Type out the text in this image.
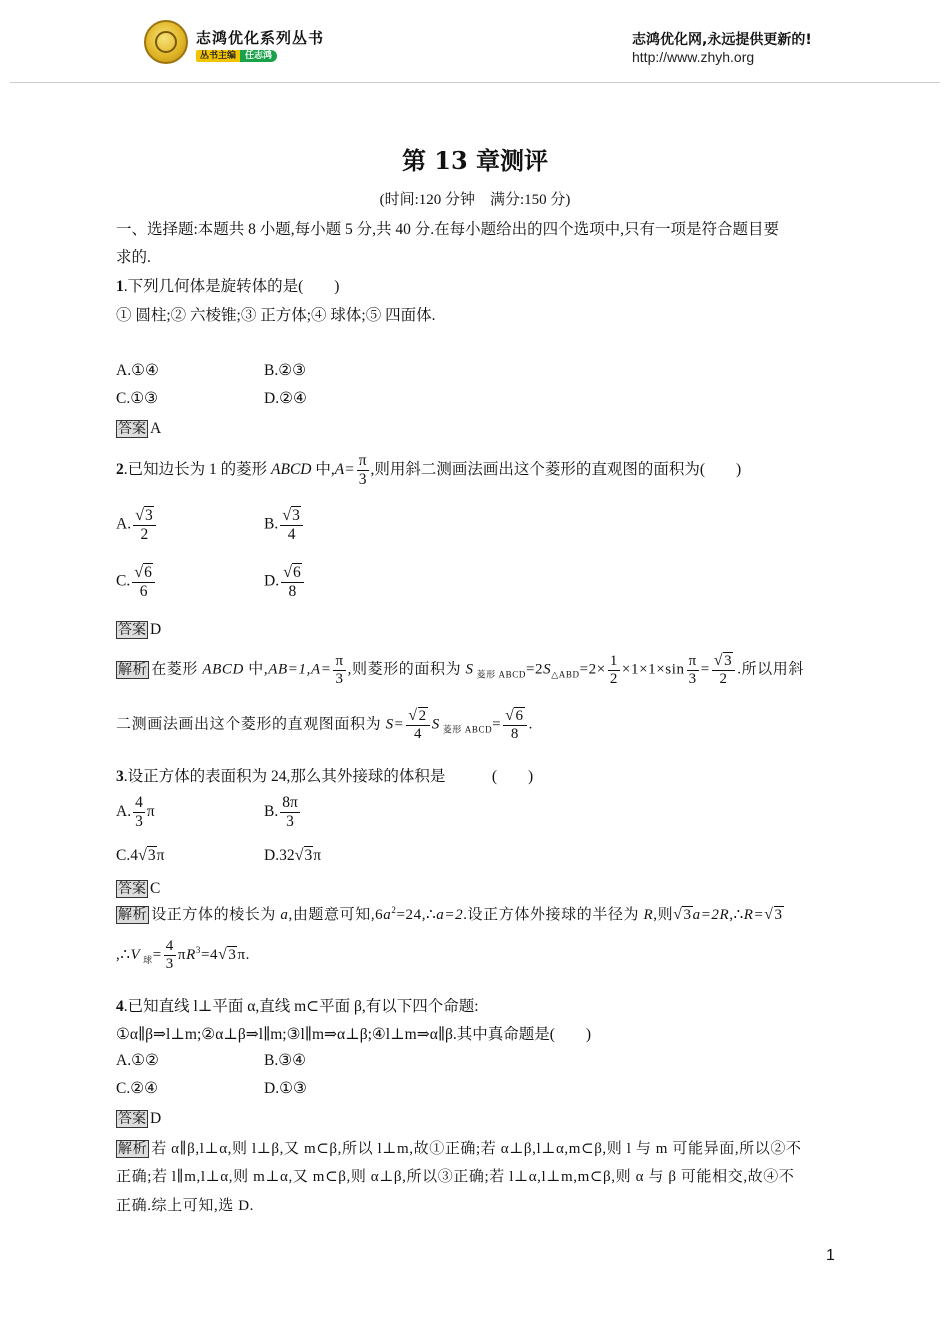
志鸿优化系列丛书
丛书主编 任志鸿
志鸿优化网,永远提供更新的!
http://www.zhyh.org
第 13 章测评
(时间:120 分钟　满分:150 分)
一、选择题:本题共 8 小题,每小题 5 分,共 40 分.在每小题给出的四个选项中,只有一项是符合题目要
求的.
1.下列几何体是旋转体的是(　　)
① 圆柱;② 六棱锥;③ 正方体;④ 球体;⑤ 四面体.
A.①④	B.②③
C.①③	D.②④
答案 A
2.已知边长为 1 的菱形 ABCD 中$,A= \frac{\pi}{3}$ ,则用斜二测画法画出这个菱形的直观图的面积为(　　)
A. $\frac{√3}{2}$	B. $\frac{√3}{4}$
C. $\frac{√6}{6}$	D. $\frac{√6}{8}$
答案 D
解析 在菱形 ABCD 中$,AB=1,A= \frac{\pi}{3}$ ,则菱形的面积为 S $_{菱形 ABCD}=2S_{\triangle ABD}=2\times \frac{1}{2} \times 1\times 1\times\sin \frac{\pi}{3} = \frac{√3}{2}$ .所以用斜
二测画法画出这个菱形的直观图面积为 $S= \frac{√2}{4}$ S $_{菱形 ABCD}= \frac{√6}{8}$ .
3.设正方体的表面积为 24,那么其外接球的体积是　　　(　　)
A. $\frac{4}{3}$ π	B. $\frac{8\pi}{3}$
C.4√3π	D.32√3π
答案 C
解析 设正方体的棱长为 a,由题意可知$,6a^2=24,\therefore a=2$.设正方体外接球的半径为 R,则√3a=2R,∴R=√3
,∴V $_球= \frac{4}{3} \pi R^3=4√3\pi$.
4.已知直线 l⊥平面 α,直线 m⊂平面 β,有以下四个命题:
①α∥β⇒l⊥m;②α⊥β⇒l∥m;③l∥m⇒α⊥β;④l⊥m⇒α∥β.其中真命题是(　　)
A.①②	B.③④
C.②④	D.①③
答案 D
解析 若 α∥β,l⊥α,则 l⊥β,又 m⊂β,所以 l⊥m,故①正确;若 α⊥β,l⊥α,m⊂β,则 l 与 m 可能异面,所以②不
正确;若 l∥m,l⊥α,则 m⊥α,又 m⊂β,则 α⊥β,所以③正确;若 l⊥α,l⊥m,m⊂β,则 α 与 β 可能相交,故④不
正确.综上可知,选 D.
1
